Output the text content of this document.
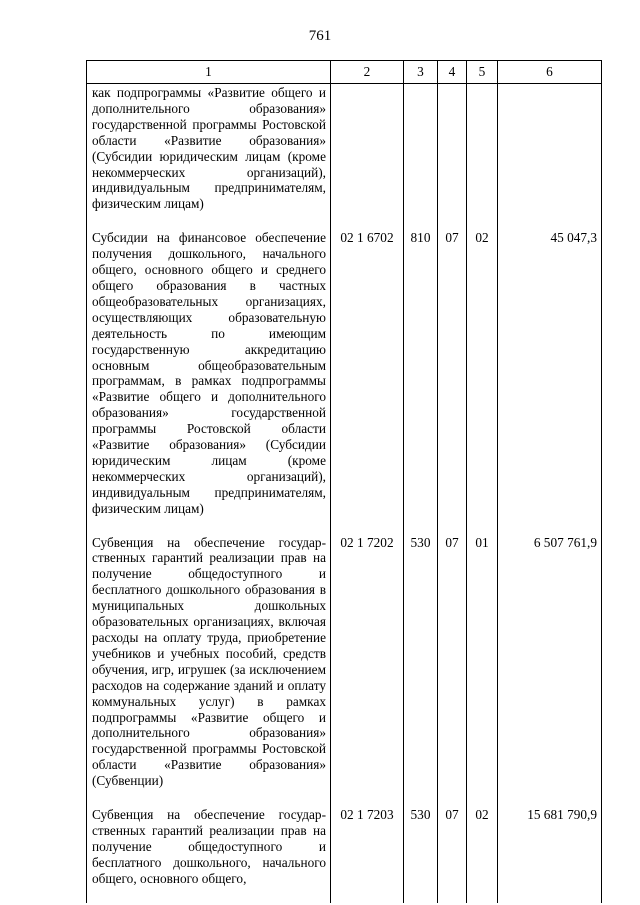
761
1	2	3	4	5	6
как подпрограммы «Развитие общего и дополнительного образования» государственной программы Ростовской области «Развитие образования» (Субсидии юридическим лицам (кроме некоммерческих организаций), индивидуальным предпринимателям, физическим лицам)					
Субсидии на финансовое обеспечение получения дошкольного, начального общего, основного общего и среднего общего образования в частных общеобразовательных организациях, осуществляющих образовательную деятельность по имеющим государственную аккредитацию основным общеобразовательным программам, в рамках подпрограммы «Развитие общего и дополнительного образования» государственной программы Ростовской области «Развитие образования» (Субсидии юридическим лицам (кроме некоммерческих организаций), индивидуальным предпринимателям, физическим лицам)	02 1 6702	810	07	02	45 047,3
Субвенция на обеспечение государственных гарантий реализации прав на получение общедоступного и бесплатного дошкольного образования в муниципальных дошкольных образовательных организациях, включая расходы на оплату труда, приобретение учебников и учебных пособий, средств обучения, игр, игрушек (за исключением расходов на содержание зданий и оплату коммунальных услуг) в рамках подпрограммы «Развитие общего и дополнительного образования» государственной программы Ростовской области «Развитие образования» (Субвенции)	02 1 7202	530	07	01	6 507 761,9
Субвенция на обеспечение государственных гарантий реализации прав на получение общедоступного и бесплатного дошкольного, начального общего, основного общего,	02 1 7203	530	07	02	15 681 790,9
